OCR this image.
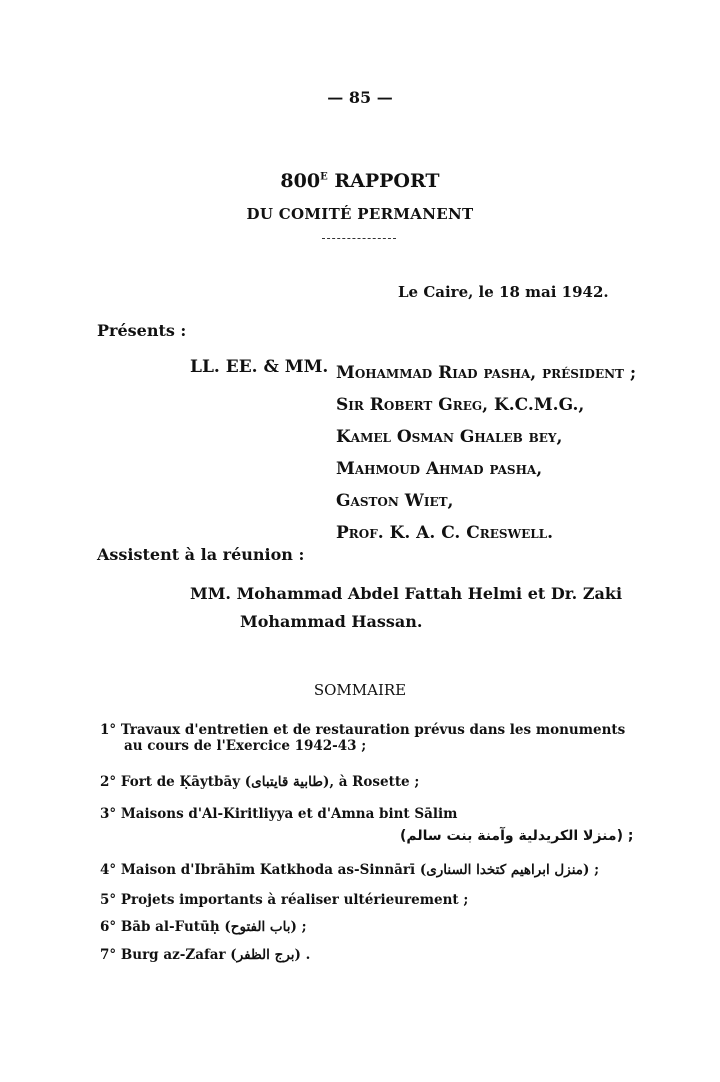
— 85 —
$800^E$ RAPPORT
DU COMITÉ PERMANENT
Le Caire, le 18 mai 1942.
Présents :
LL. EE. & MM. Mohammad Riad pasha, président ;
Sir Robert Greg, K.C.M.G.,
Kamel Osman Ghaleb bey,
Mahmoud Ahmad pasha,
Gaston Wiet,
Prof. K. A. C. Creswell.
Assistent à la réunion :
MM. Mohammad Abdel Fattah Helmi et Dr. Zaki
Mohammad Hassan.
SOMMAIRE
1° Travaux d'entretien et de restauration prévus dans les monuments
au cours de l'Exercice 1942-43 ;
2° Fort de Ḳāytbāy (طابية قايتباى), à Rosette ;
3° Maisons d'Al-Kiritliyya et d'Amna bint Sālim
(منزلا الكريدلية وآمنة بنت سالم) ;
4° Maison d'Ibrāhīm Katkhoda as-Sinnārī (منزل ابراهيم كتخدا السنارى) ;
5° Projets importants à réaliser ultérieurement ;
6° Bāb al-Futūḥ (باب الفتوح) ;
7° Burg az-Zafar (برج الظفر) .
